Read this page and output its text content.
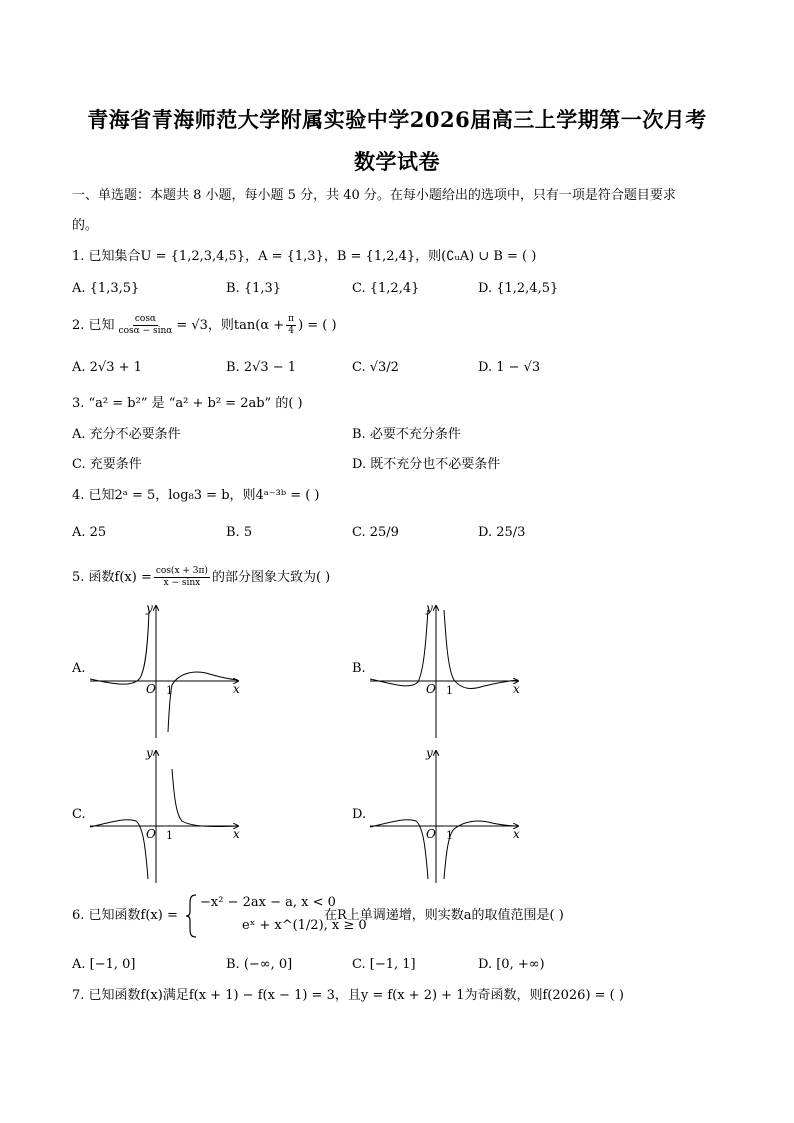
青海省青海师范大学附属实验中学2026届高三上学期第一次月考
数学试卷
一、单选题：本题共 8 小题，每小题 5 分，共 40 分。在每小题给出的选项中，只有一项是符合题目要求
的。
1. 已知集合U = {1,2,3,4,5}，A = {1,3}，B = {1,2,4}，则(∁ᵤA) ∪ B = ( )
A. {1,3,5}	B. {1,3}	C. {1,2,4}	D. {1,2,4,5}
2. 已知 $\frac{\cos\alpha}{\cos\alpha - \sin\alpha} = √3$，则$\tan(\alpha + \frac{\pi}{4}$ ) = ( )
A. 2√3 + 1	B. 2√3 − 1	C. √3/2	D. 1 − √3
3. “a² = b²” 是 “a² + b² = 2ab” 的( )
A. 充分不必要条件	B. 必要不充分条件
C. 充要条件	D. 既不充分也不必要条件
4. 已知2ᵃ = 5，log₈3 = b，则4ᵃ⁻³ᵇ = ( )
A. 25	B. 5	C. 25/9	D. 25/3
5. 函数$f(x) = \frac{\cos(x + 3\pi)}{x - \sin x}$ 的部分图象大致为( )
A.	B.
C.	D.
x
y
O 1	x
y
O 1
x
y
O 1	x
y
O 1
6. 已知函数f(x) =
−x² − 2ax − a, x < 0
eˣ + x^(1/2), x ≥ 0
在R上单调递增，则实数a的取值范围是( )
A. [−1, 0]	B. (−∞, 0]	C. [−1, 1]	D. [0, +∞)
7. 已知函数f(x)满足f(x + 1) − f(x − 1) = 3，且y = f(x + 2) + 1为奇函数，则f(2026) = ( )
